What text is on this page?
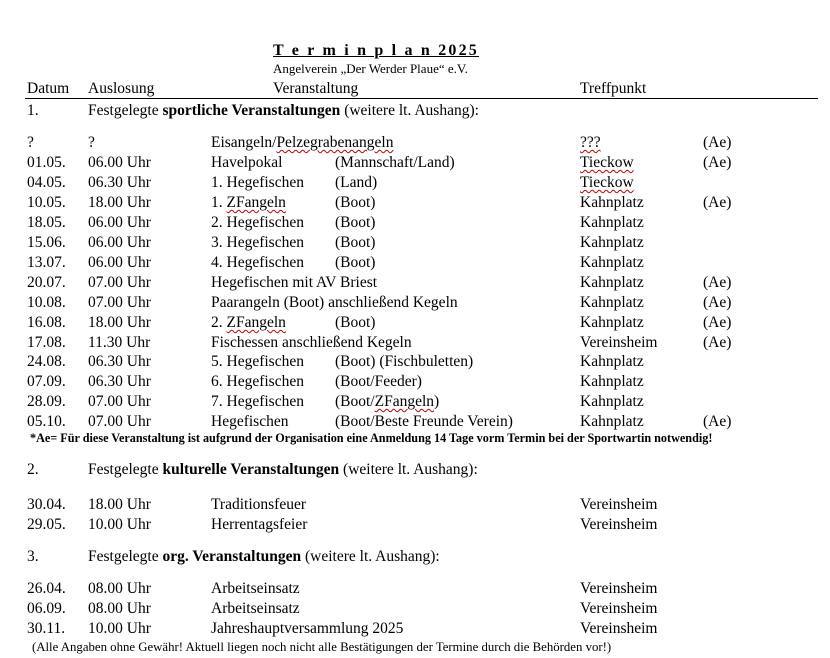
T e r m i n p l a n 2025
Angelverein „Der Werder Plaue“ e.V.
Datum Auslosung	Veranstaltung	Treffpunkt
1.	Festgelegte sportliche Veranstaltungen (weitere lt. Aushang):
?	?	Eisangeln/Pelzegrabenangeln	???	(Ae)
01.05. 06.00 Uhr	Havelpokal	(Mannschaft/Land)	Tieckow	(Ae)
04.05. 06.30 Uhr	1. Hegefischen (Land)	Tieckow
10.05. 18.00 Uhr	1. ZFangeln	(Boot)	Kahnplatz	(Ae)
18.05. 06.00 Uhr	2. Hegefischen (Boot)	Kahnplatz
15.06. 06.00 Uhr	3. Hegefischen (Boot)	Kahnplatz
13.07. 06.00 Uhr	4. Hegefischen (Boot)	Kahnplatz
20.07. 07.00 Uhr	Hegefischen mit AV Briest	Kahnplatz	(Ae)
10.08. 07.00 Uhr	Paarangeln (Boot) anschließend Kegeln	Kahnplatz	(Ae)
16.08. 18.00 Uhr	2. ZFangeln	(Boot)	Kahnplatz	(Ae)
17.08. 11.30 Uhr	Fischessen anschließend Kegeln	Vereinsheim	(Ae)
24.08. 06.30 Uhr	5. Hegefischen (Boot) (Fischbuletten)	Kahnplatz
07.09. 06.30 Uhr	6. Hegefischen (Boot/Feeder)	Kahnplatz
28.09. 07.00 Uhr	7. Hegefischen (Boot/ZFangeln)	Kahnplatz
05.10. 07.00 Uhr	Hegefischen	(Boot/Beste Freunde Verein)	Kahnplatz	(Ae)
*Ae= Für diese Veranstaltung ist aufgrund der Organisation eine Anmeldung 14 Tage vorm Termin bei der Sportwartin notwendig!
2.	Festgelegte kulturelle Veranstaltungen (weitere lt. Aushang):
30.04. 18.00 Uhr	Traditionsfeuer	Vereinsheim
29.05. 10.00 Uhr	Herrentagsfeier	Vereinsheim
3.	Festgelegte org. Veranstaltungen (weitere lt. Aushang):
26.04. 08.00 Uhr	Arbeitseinsatz	Vereinsheim
06.09. 08.00 Uhr	Arbeitseinsatz	Vereinsheim
30.11. 10.00 Uhr	Jahreshauptversammlung 2025	Vereinsheim
(Alle Angaben ohne Gewähr! Aktuell liegen noch nicht alle Bestätigungen der Termine durch die Behörden vor!)
